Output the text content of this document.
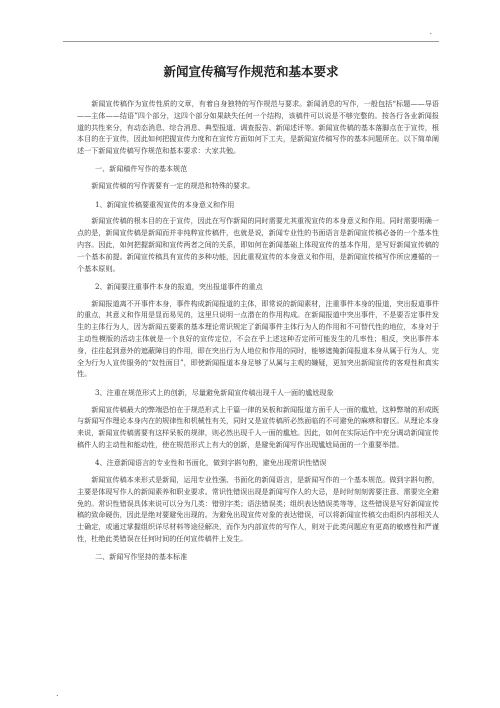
.
新闻宣传稿写作规范和基本要求

新闻宣传稿作为宣传性质的文章，有着自身独特的写作规范与要求。新闻消息的写作，一般包括“标题——导语——主体——结语”四个部分，这四个部分如果缺失任何一个结构，该稿件可以说是不够完整的。按各行各业新闻报道的共性来分，有动态消息、综合消息、典型报道、调查报告、新闻述评等。新闻宣传稿的基本落脚点在于宣传，根本目的在于宣传，因此如何把握宣传力度和在宣传方面如何下工夫，是新闻宣传稿写作的基本问题所在。以下简单阐述一下新闻宣传稿写作规范和基本要求：大家共勉。

一、新闻稿件写作的基本规范

新闻宣传稿的写作需要有一定的规范和特殊的要求。

1、新闻宣传稿要重视宣传的本身意义和作用

新闻宣传稿的根本目的在于宣传，因此在写作新闻的同时需要尤其重视宣传的本身意义和作用。同时需要明确一点的是，新闻宣传稿是新闻而并非纯粹宣传稿件，也就是说，新闻专业性的书面语言是新闻宣传稿必备的一个基本性内容。因此，如何把握新闻和宣传两者之间的关系，即如何在新闻基础上体现宣传的基本作用，是写好新闻宣传稿的一个基本前提。新闻宣传稿具有宣传的多种功能，因此重视宣传的本身意义和作用，是新闻宣传稿写作所应遵循的一个基本原则。

2、新闻要注重事件本身的报道，突出报道事件的重点

新闻报道离不开事件本身，事件构成新闻报道的主体，即常说的新闻素材，注重事件本身的报道，突出报道事件的重点，其意义和作用是显而易见的，这里只说明一点潜在的作用构成。在新闻报道中突出事件，不是要否定事件发生的主体行为人，因为新闻五要素的基本理论常识规定了新闻事件主体行为人的作用和不可替代性的地位，本身对于主动性模版的活动主体就是一个良好的宣传定位，不会在乎上述这种否定所可能发生的几率性；相反，突出事件本身，往往起到意外的遮蔽障目的作用，即在突出行为人地位和作用的同时，能够遮掩新闻报道本身从属于行为人，完全为行为人宣传服务的“奴性面目”，即使新闻报道本身足够了从属与主观的嫌疑，更加突出新闻宣传的客观性和真实性。

3、注重在规范形式上的创新，尽量避免新闻宣传稿出现千人一面的尴尬现象

新闻宣传稿最大的弊端恐怕在于规范形式上千篇一律的呆板和新闻报道方面千人一面的尴尬，这种弊端的形成既与新闻写作理论本身内在的规律性和机械性有关，同时又是宣传稿所必然面临的不可避免的麻痹和窘区。从理论本身来说，新闻宣传稿需要有这样呆板的规律，则必然出现千人一面的尴尬。因此，如何在实际运作中充分调动新闻宣传稿件人的主动性和能动性，使在规范形式上有大的创新，是避免新闻写作出现尴尬局面的一个重要举措。

4、注意新闻语言的专业性和书面化，做到字斟句酌，避免出现常识性错误

新闻宣传稿本来形式是新闻，运用专业性强、书面化的新闻语言，是新闻写作的一个基本规范。做到字斟句酌，主要是体现写作人的新闻素养和职业要求。常识性错误出现是新闻写作人的大忌，是时时刻刻需要注意、需要完全避免的。常识性错误具体来说可以分为几类：错别字类；语法错误类；组织表达错误类等等，这些错误是写好新闻宣传稿的致命硬伤，因此是绝对要避免出现的。为避免出现宣传对象的表达错误，可以将新闻宣传稿交由组织内部相关人士确定，或通过掌握组织详尽材料等途径解决，而作为内部宣传的写作人，则对于此类问题应有更高的敏感性和严谨性，杜绝此类错误在任何时间的任何宣传稿件上发生。

二、新闻写作坚持的基本标准

.
